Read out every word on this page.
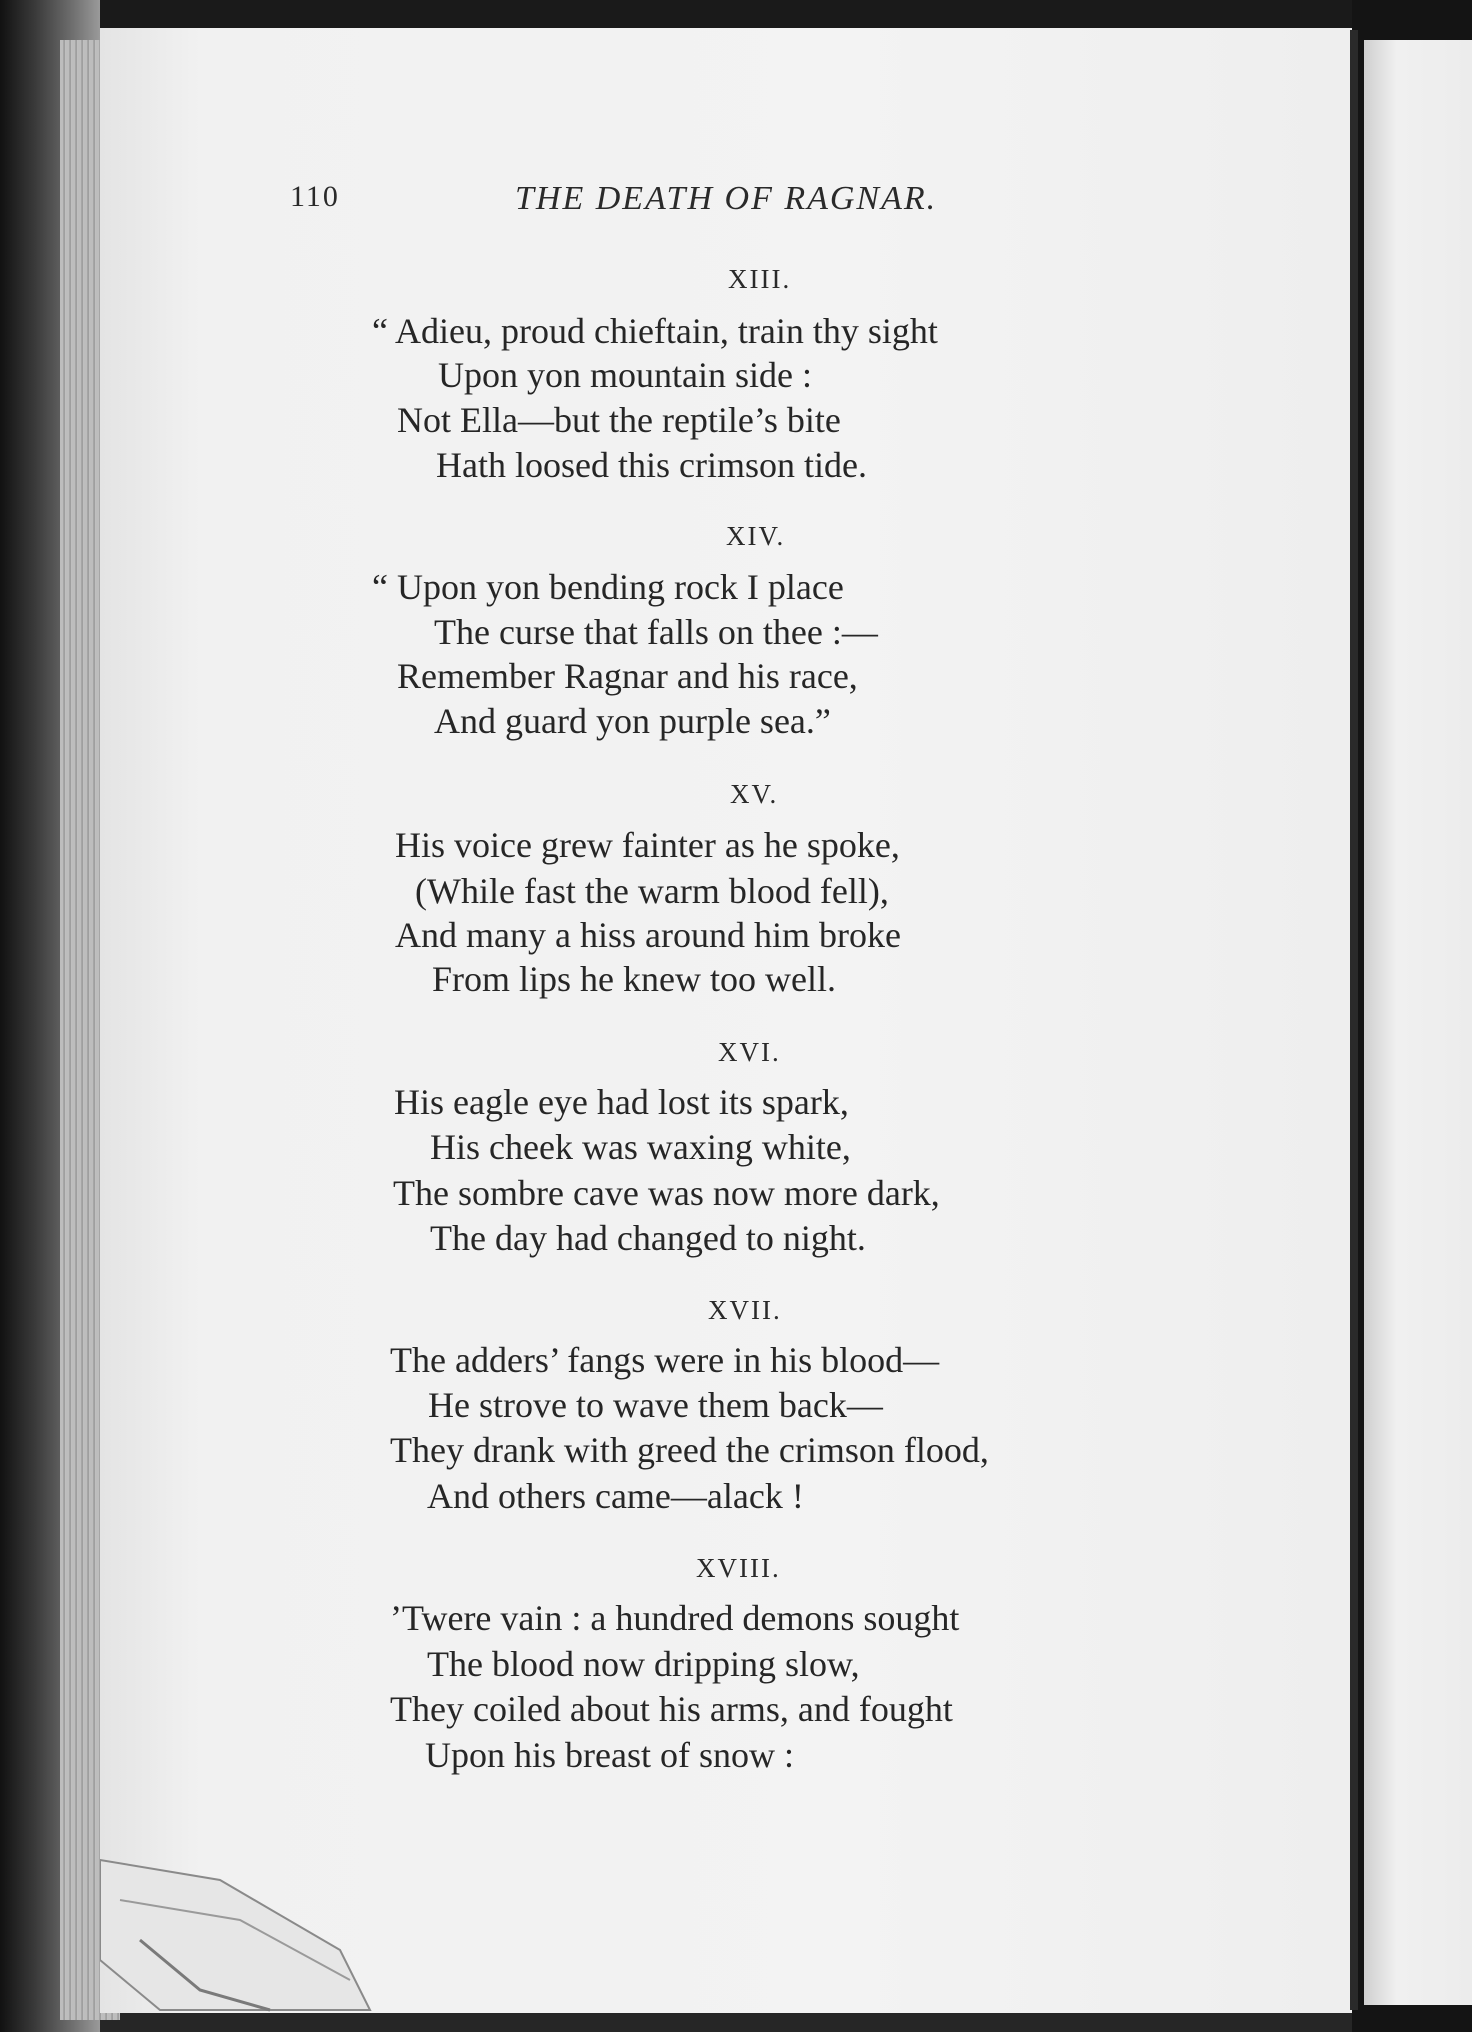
110	THE DEATH OF RAGNAR.
XIII.
“ Adieu, proud chieftain, train thy sight
Upon yon mountain side :
Not Ella—but the reptile’s bite
Hath loosed this crimson tide.
XIV.
“ Upon yon bending rock I place
The curse that falls on thee :—
Remember Ragnar and his race,
And guard yon purple sea.”
XV.
His voice grew fainter as he spoke,
(While fast the warm blood fell),
And many a hiss around him broke
From lips he knew too well.
XVI.
His eagle eye had lost its spark,
His cheek was waxing white,
The sombre cave was now more dark,
The day had changed to night.
XVII.
The adders’ fangs were in his blood—
He strove to wave them back—
They drank with greed the crimson flood,
And others came—alack !
XVIII.
’Twere vain : a hundred demons sought
The blood now dripping slow,
They coiled about his arms, and fought
Upon his breast of snow :
